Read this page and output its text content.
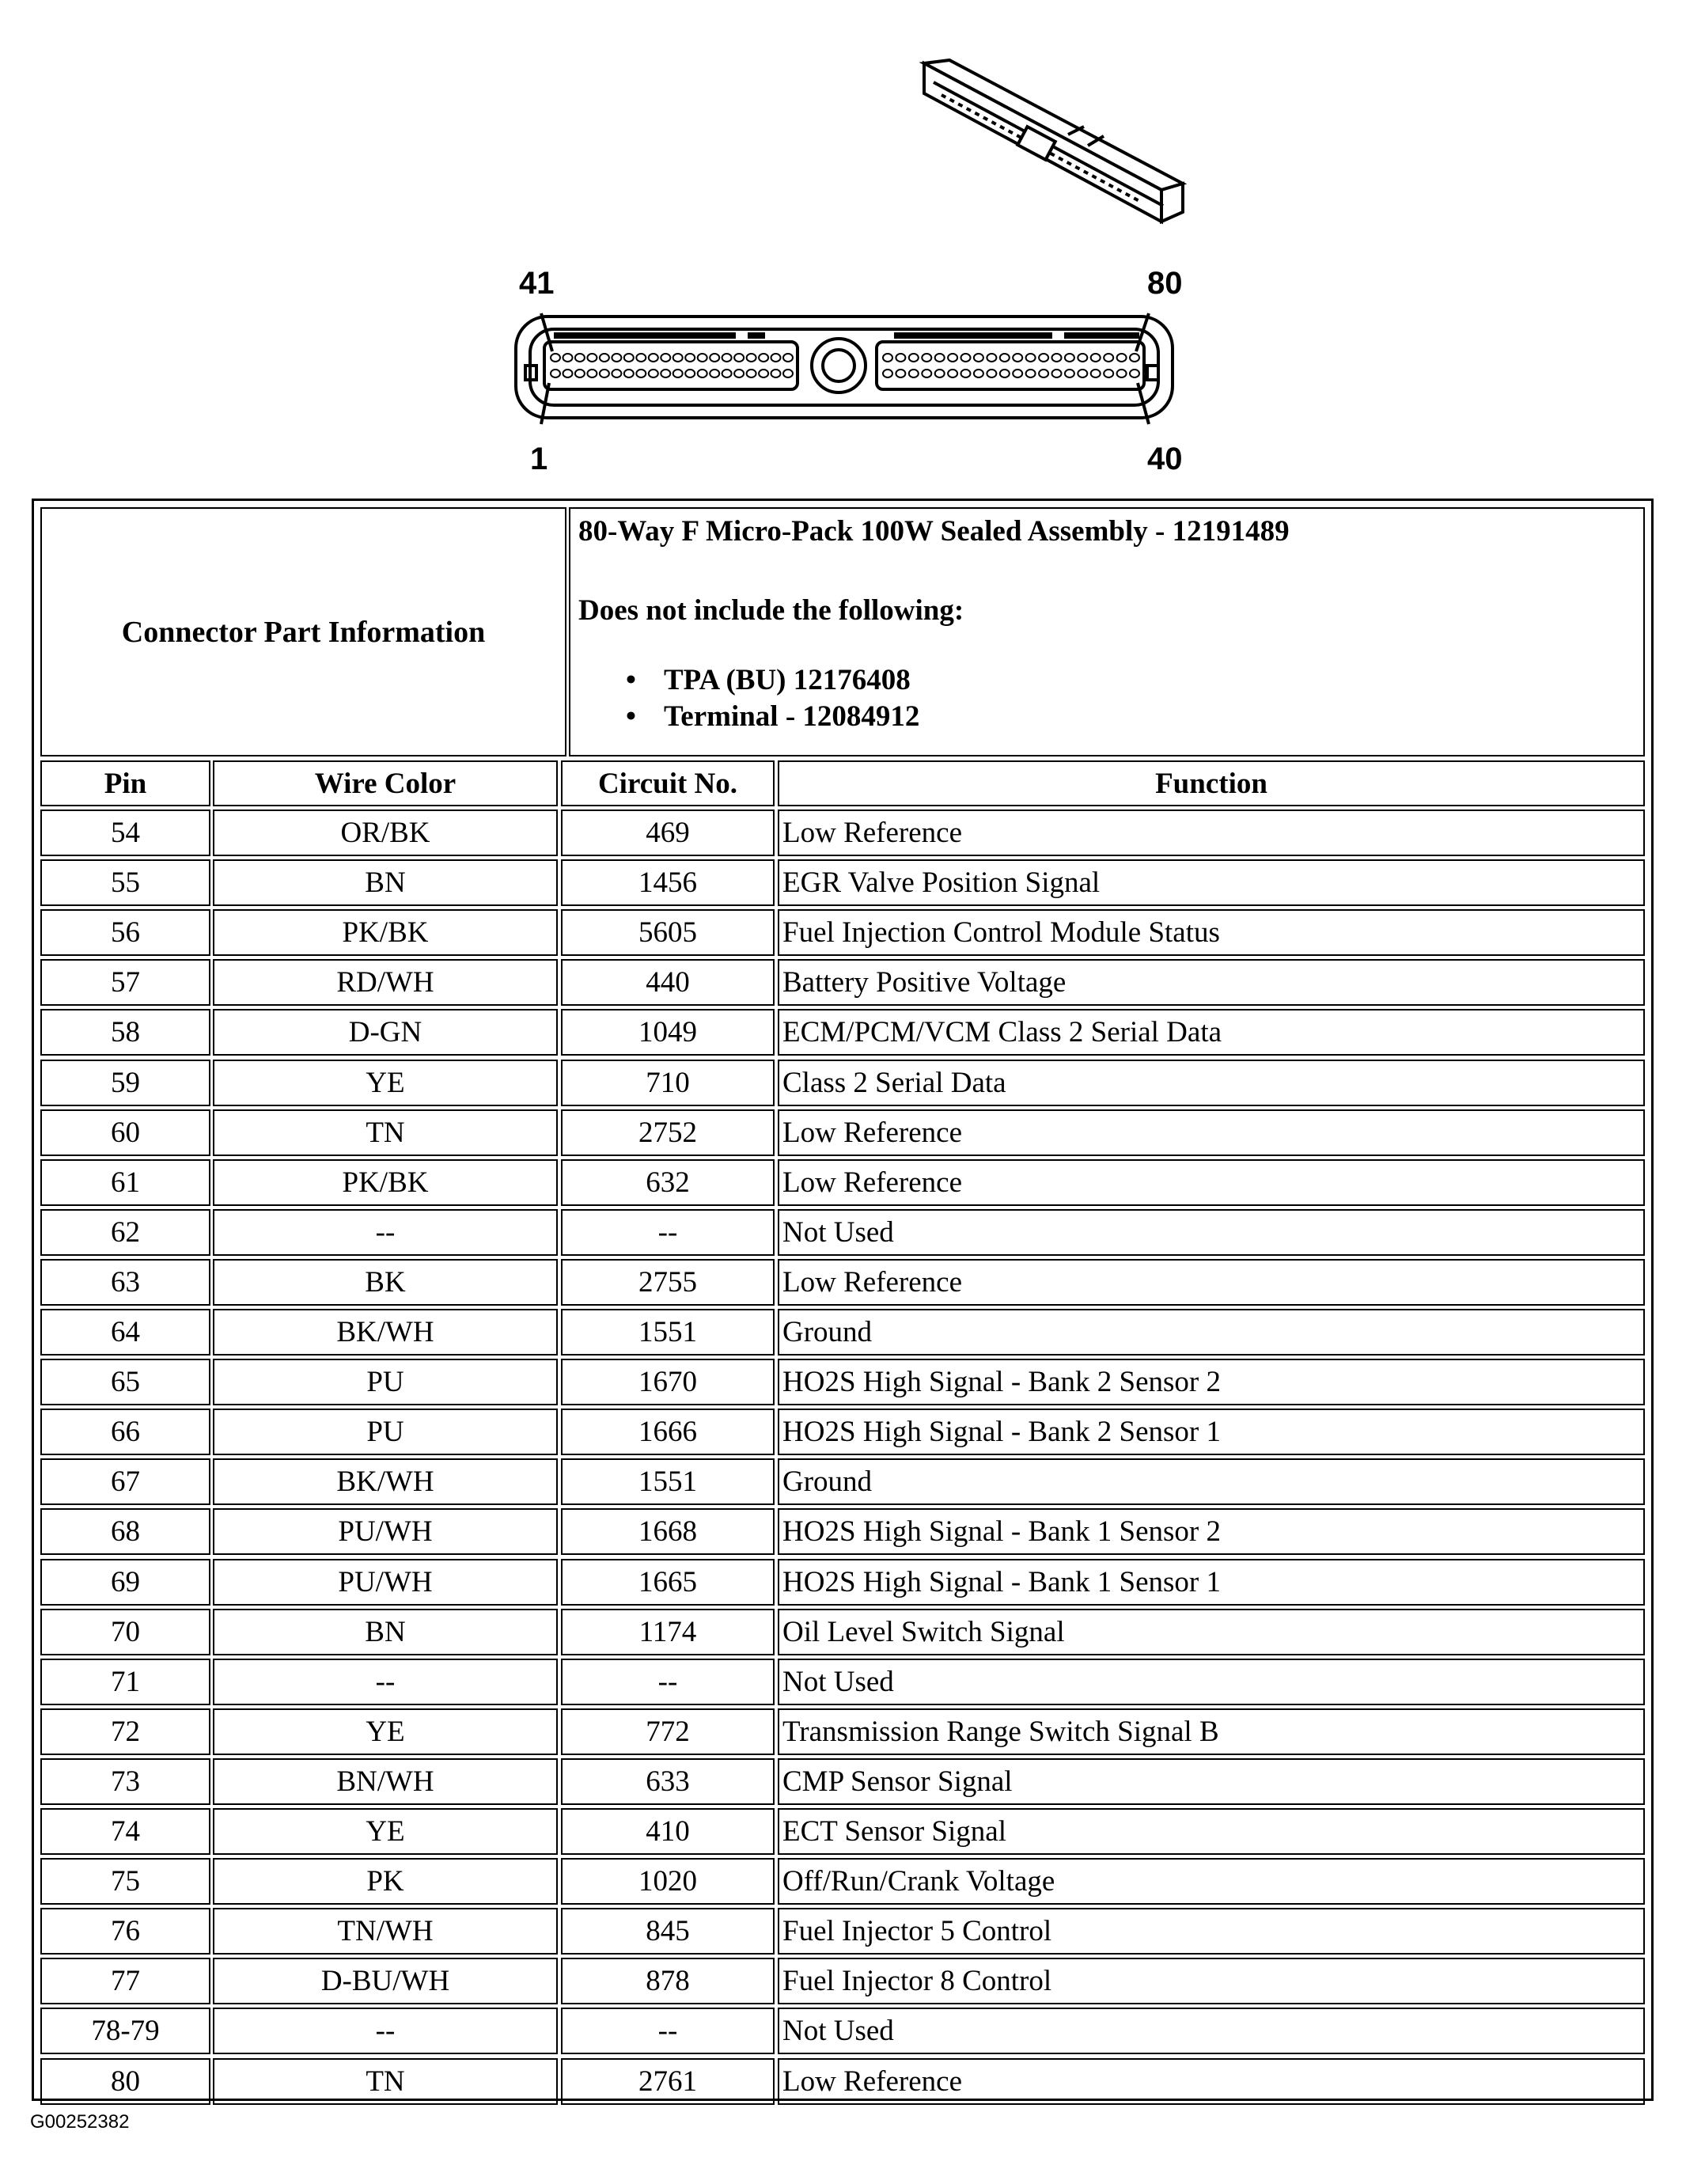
41	80
1	40
Connector Part Information

80-Way F Micro-Pack 100W Sealed Assembly - 12191489

Does not include the following:

• TPA (BU) 12176408
• Terminal - 12084912
Pin	Wire Color	Circuit No.	Function
54	OR/BK	469	Low Reference
55	BN	1456	EGR Valve Position Signal
56	PK/BK	5605	Fuel Injection Control Module Status
57	RD/WH	440	Battery Positive Voltage
58	D-GN	1049	ECM/PCM/VCM Class 2 Serial Data
59	YE	710	Class 2 Serial Data
60	TN	2752	Low Reference
61	PK/BK	632	Low Reference
62	--	--	Not Used
63	BK	2755	Low Reference
64	BK/WH	1551	Ground
65	PU	1670	HO2S High Signal - Bank 2 Sensor 2
66	PU	1666	HO2S High Signal - Bank 2 Sensor 1
67	BK/WH	1551	Ground
68	PU/WH	1668	HO2S High Signal - Bank 1 Sensor 2
69	PU/WH	1665	HO2S High Signal - Bank 1 Sensor 1
70	BN	1174	Oil Level Switch Signal
71	--	--	Not Used
72	YE	772	Transmission Range Switch Signal B
73	BN/WH	633	CMP Sensor Signal
74	YE	410	ECT Sensor Signal
75	PK	1020	Off/Run/Crank Voltage
76	TN/WH	845	Fuel Injector 5 Control
77	D-BU/WH	878	Fuel Injector 8 Control
78-79	--	--	Not Used
80	TN	2761	Low Reference
G00252382
